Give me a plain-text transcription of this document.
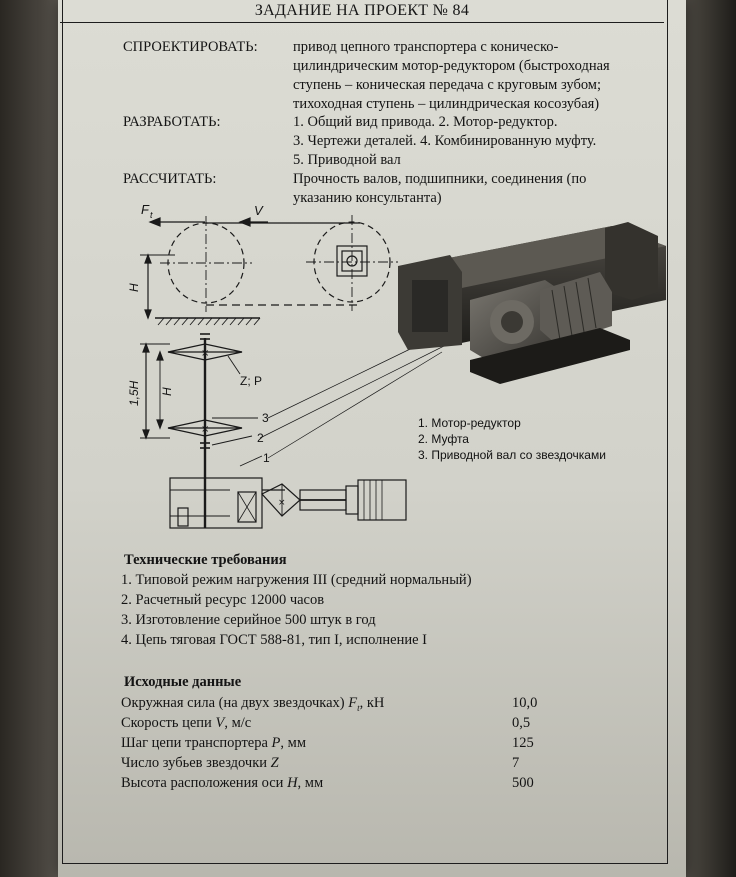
ЗАДАНИЕ НА ПРОЕКТ № 84
СПРОЕКТИРОВАТЬ: привод цепного транспортера с коническо-
цилиндрическим мотор-редуктором (быстроходная
ступень – коническая передача с круговым зубом;
тихоходная ступень – цилиндрическая косозубая)
РАЗРАБОТАТЬ:	1. Общий вид привода. 2. Мотор-редуктор.
3. Чертежи деталей. 4. Комбинированную муфту.
5. Приводной вал
РАССЧИТАТЬ:	Прочность валов, подшипники, соединения (по
указанию консультанта)
×
×
×
F t	V
H
1,5H H
Z; P
3
2
1
1. Мотор-редуктор
2. Муфта
3. Приводной вал со звездочками
Технические требования
1. Типовой режим нагружения III (средний нормальный)
2. Расчетный ресурс 12000 часов
3. Изготовление серийное 500 штук в год
4. Цепь тяговая ГОСТ 588-81, тип I, исполнение I
Исходные данные
Окружная сила (на двух звездочках) $F_t$, кН	10,0
Скорость цепи V, м/с	0,5
Шаг цепи транспортера P, мм	125
Число зубьев звездочки Z	7
Высота расположения оси H, мм	500
